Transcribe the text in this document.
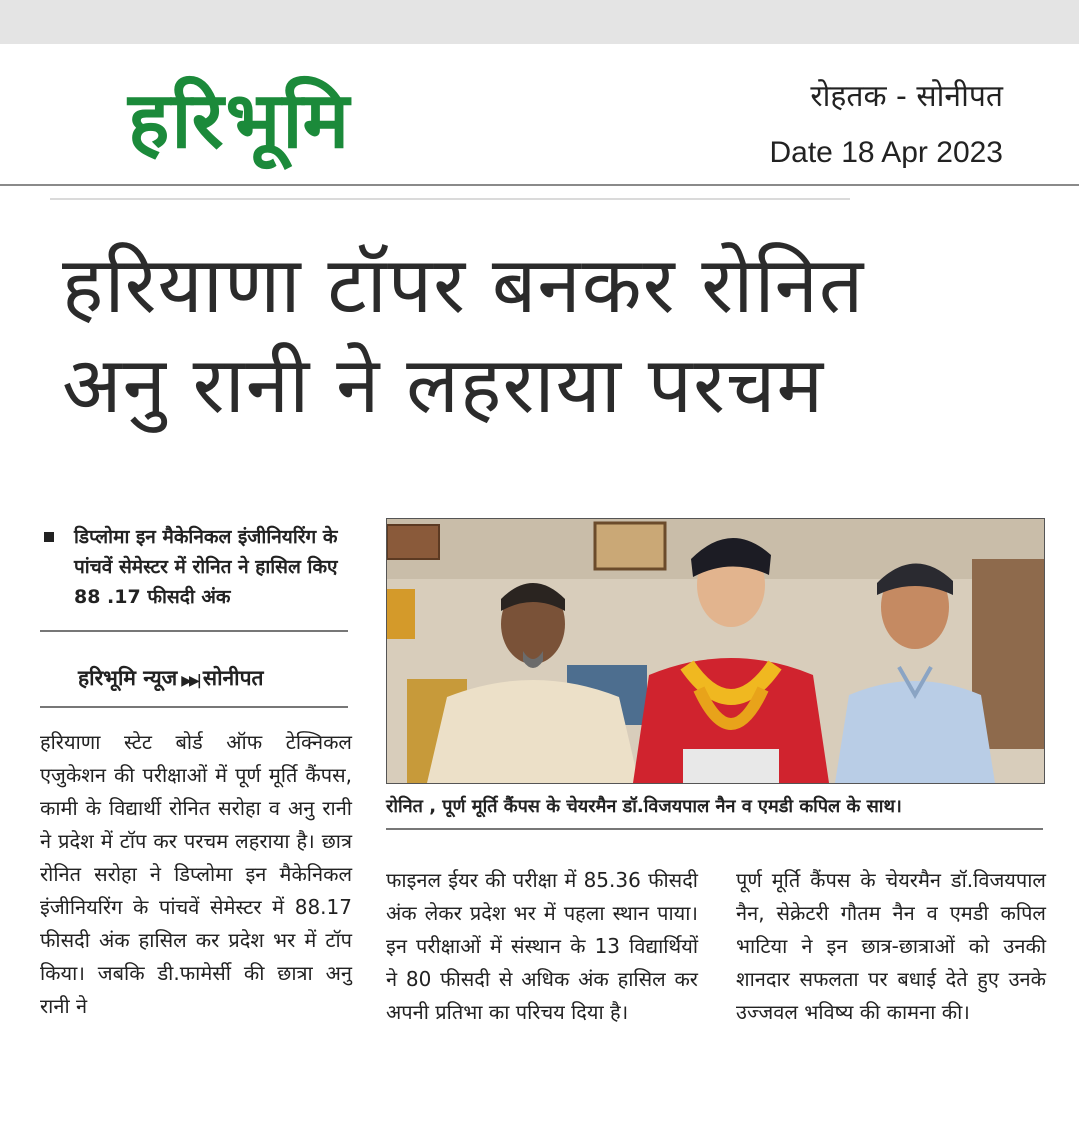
हरिभूमि	रोहतक - सोनीपत
Date 18 Apr 2023
हरियाणा टॉपर बनकर रोनित
अनु रानी ने लहराया परचम

डिप्लोमा इन मैकेनिकल इंजीनियरिंग के पांचवें सेमेस्टर में रोनित ने हासिल किए 88 .17 फीसदी अंक

हरिभूमि न्यूज ▶▶| सोनीपत
हरियाणा स्टेट बोर्ड ऑफ टेक्निकल एजुकेशन की परीक्षाओं में पूर्ण मूर्ति कैंपस, कामी के विद्यार्थी रोनित सरोहा व अनु रानी ने प्रदेश में टॉप कर परचम लहराया है। छात्र रोनित सरोहा ने डिप्लोमा इन मैकेनिकल इंजीनियरिंग के पांचवें सेमेस्टर में 88.17 फीसदी अंक हासिल कर प्रदेश भर में टॉप किया। जबकि डी.फामेर्सी की छात्रा अनु रानी ने
रोनित , पूर्ण मूर्ति कैंपस के चेयरमैन डॉ.विजयपाल नैन व एमडी कपिल के साथ।
फाइनल ईयर की परीक्षा में 85.36 फीसदी अंक लेकर प्रदेश भर में पहला स्थान पाया। इन परीक्षाओं में संस्थान के 13 विद्यार्थियों ने 80 फीसदी से अधिक अंक हासिल कर अपनी प्रतिभा का परिचय दिया है।
पूर्ण मूर्ति कैंपस के चेयरमैन डॉ.विजयपाल नैन, सेक्रेटरी गौतम नैन व एमडी कपिल भाटिया ने इन छात्र-छात्राओं को उनकी शानदार सफलता पर बधाई देते हुए उनके उज्जवल भविष्य की कामना की।
